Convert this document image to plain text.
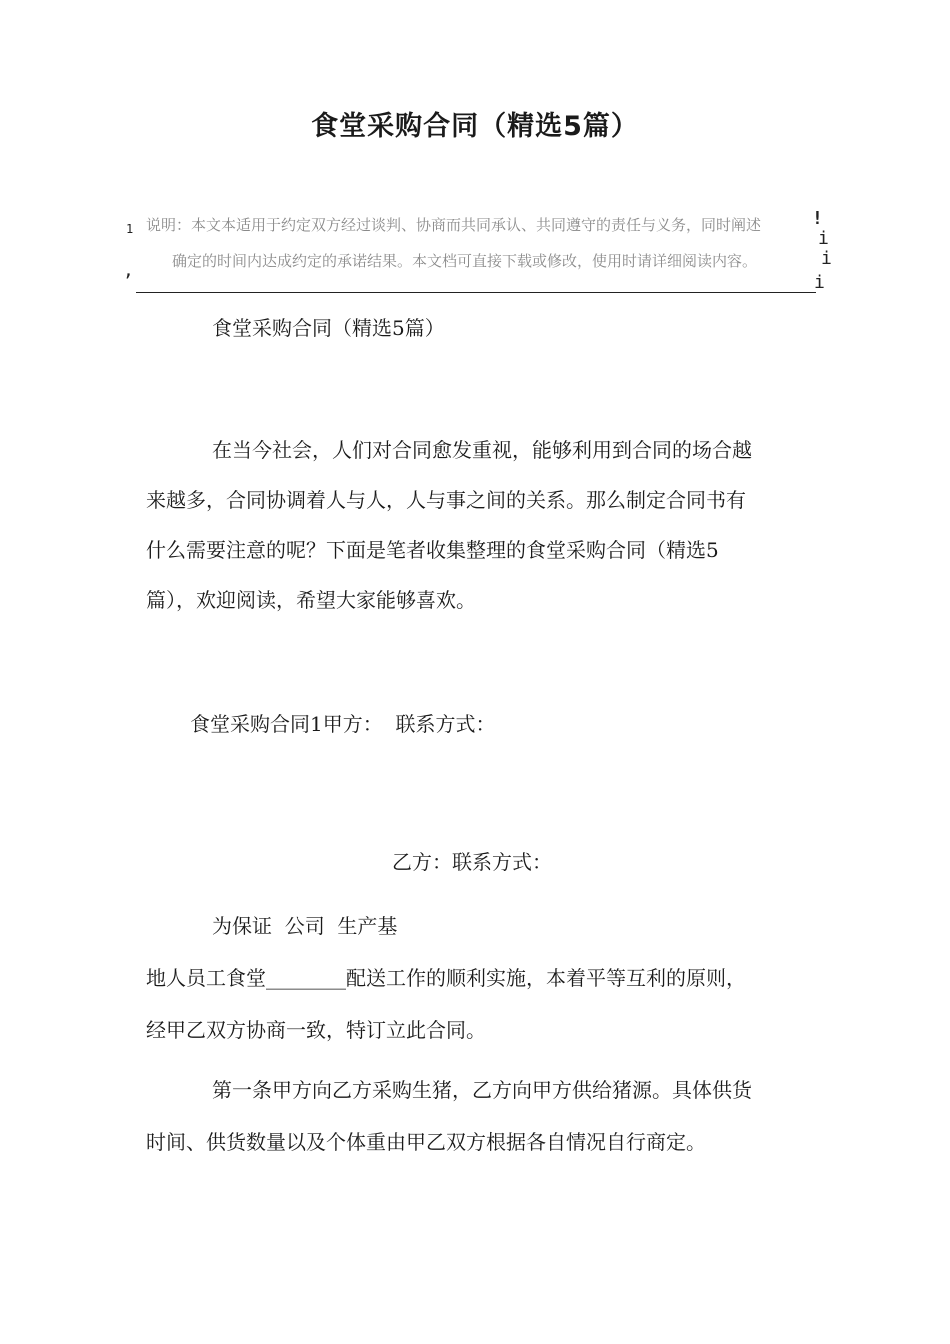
食堂采购合同（精选5篇）
1 说明：本文本适用于约定双方经过谈判、协商而共同承认、共同遵守的责任与义务，同时阐述
确定的时间内达成约定的承诺结果。本文档可直接下载或修改，使用时请详细阅读内容。
,
!
i
i
i
食堂采购合同（精选5篇）
在当今社会，人们对合同愈发重视，能够利用到合同的场合越
来越多，合同协调着人与人，人与事之间的关系。那么制定合同书有
什么需要注意的呢？下面是笔者收集整理的食堂采购合同（精选5
篇），欢迎阅读，希望大家能够喜欢。
食堂采购合同1甲方：  联系方式：
乙方：联系方式：
为保证  公司  生产基
地人员工食堂________配送工作的顺利实施，本着平等互利的原则，
经甲乙双方协商一致，特订立此合同。
第一条甲方向乙方采购生猪，乙方向甲方供给猪源。具体供货
时间、供货数量以及个体重由甲乙双方根据各自情况自行商定。
